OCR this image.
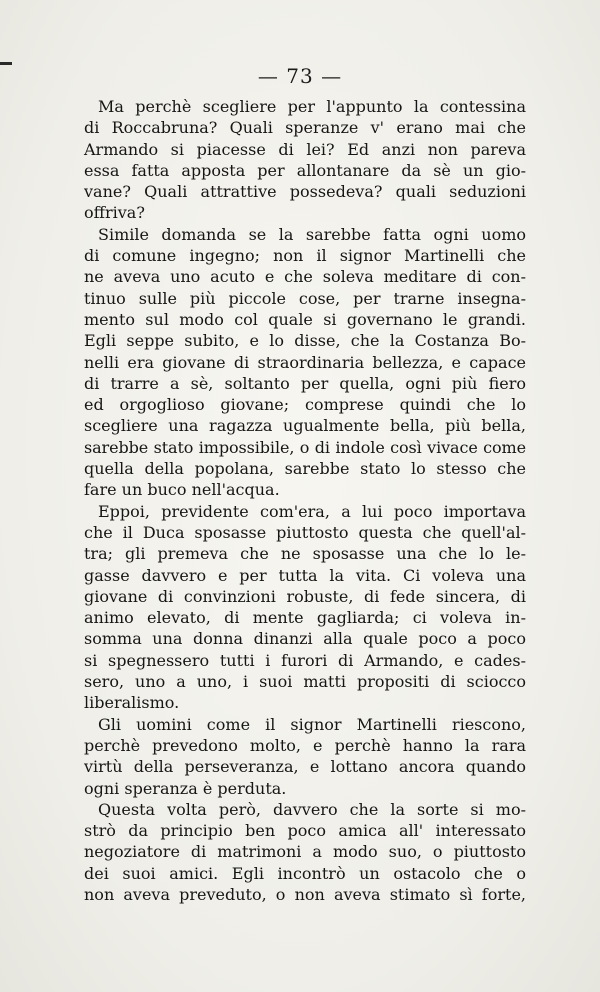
— 73 —
Ma perchè scegliere per l'appunto la contessina
di Roccabruna? Quali speranze v' erano mai che
Armando si piacesse di lei? Ed anzi non pareva
essa fatta apposta per allontanare da sè un gio-
vane? Quali attrattive possedeva? quali seduzioni
offriva?
Simile domanda se la sarebbe fatta ogni uomo
di comune ingegno; non il signor Martinelli che
ne aveva uno acuto e che soleva meditare di con-
tinuo sulle più piccole cose, per trarne insegna-
mento sul modo col quale si governano le grandi.
Egli seppe subito, e lo disse, che la Costanza Bo-
nelli era giovane di straordinaria bellezza, e capace
di trarre a sè, soltanto per quella, ogni più fiero
ed orgoglioso giovane; comprese quindi che lo
scegliere una ragazza ugualmente bella, più bella,
sarebbe stato impossibile, o di indole così vivace come
quella della popolana, sarebbe stato lo stesso che
fare un buco nell'acqua.
Eppoi, previdente com'era, a lui poco importava
che il Duca sposasse piuttosto questa che quell'al-
tra; gli premeva che ne sposasse una che lo le-
gasse davvero e per tutta la vita. Ci voleva una
giovane di convinzioni robuste, di fede sincera, di
animo elevato, di mente gagliarda; ci voleva in-
somma una donna dinanzi alla quale poco a poco
si spegnessero tutti i furori di Armando, e cades-
sero, uno a uno, i suoi matti propositi di sciocco
liberalismo.
Gli uomini come il signor Martinelli riescono,
perchè prevedono molto, e perchè hanno la rara
virtù della perseveranza, e lottano ancora quando
ogni speranza è perduta.
Questa volta però, davvero che la sorte si mo-
strò da principio ben poco amica all' interessato
negoziatore di matrimoni a modo suo, o piuttosto
dei suoi amici. Egli incontrò un ostacolo che o
non aveva preveduto, o non aveva stimato sì forte,
